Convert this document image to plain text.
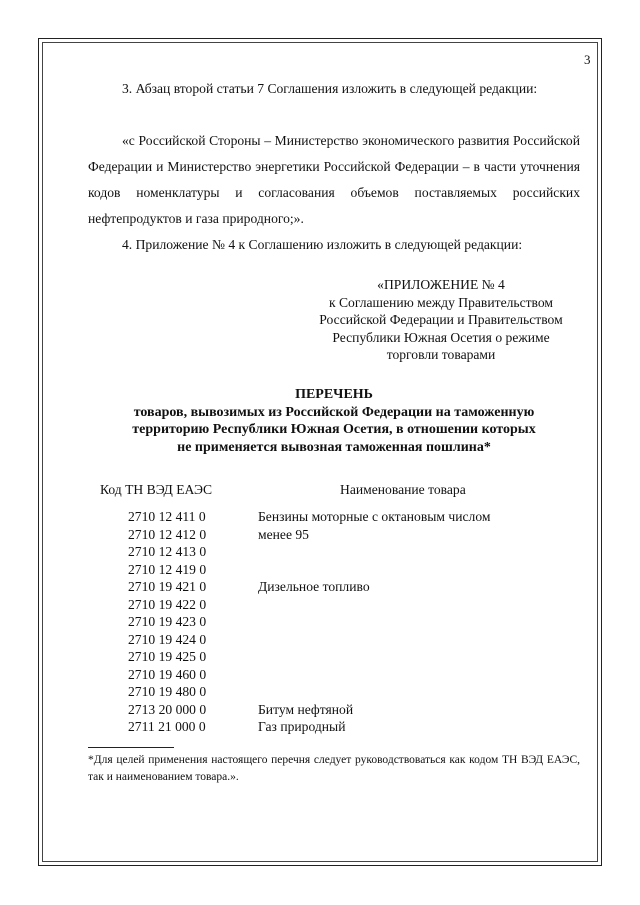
3
3. Абзац второй статьи 7 Соглашения изложить в следующей редакции:
«с Российской Стороны – Министерство экономического развития Российской Федерации и Министерство энергетики Российской Федерации – в части уточнения кодов номенклатуры и согласования объемов поставляемых российских нефтепродуктов и газа природного;».
4. Приложение № 4 к Соглашению изложить в следующей редакции:
«ПРИЛОЖЕНИЕ № 4
к Соглашению между Правительством
Российской Федерации и Правительством
Республики Южная Осетия о режиме
торговли товарами
ПЕРЕЧЕНЬ
товаров, вывозимых из Российской Федерации на таможенную
территорию Республики Южная Осетия, в отношении которых
не применяется вывозная таможенная пошлина*
Код ТН ВЭД ЕАЭС	Наименование товара
2710 12 411 0
2710 12 412 0
2710 12 413 0
2710 12 419 0
2710 19 421 0
2710 19 422 0
2710 19 423 0
2710 19 424 0
2710 19 425 0
2710 19 460 0
2710 19 480 0
2713 20 000 0
2711 21 000 0
Бензины моторные с октановым числом
менее 95
Дизельное топливо
Битум нефтяной
Газ природный
*Для целей применения настоящего перечня следует руководствоваться как кодом ТН ВЭД ЕАЭС, так и наименованием товара.».
